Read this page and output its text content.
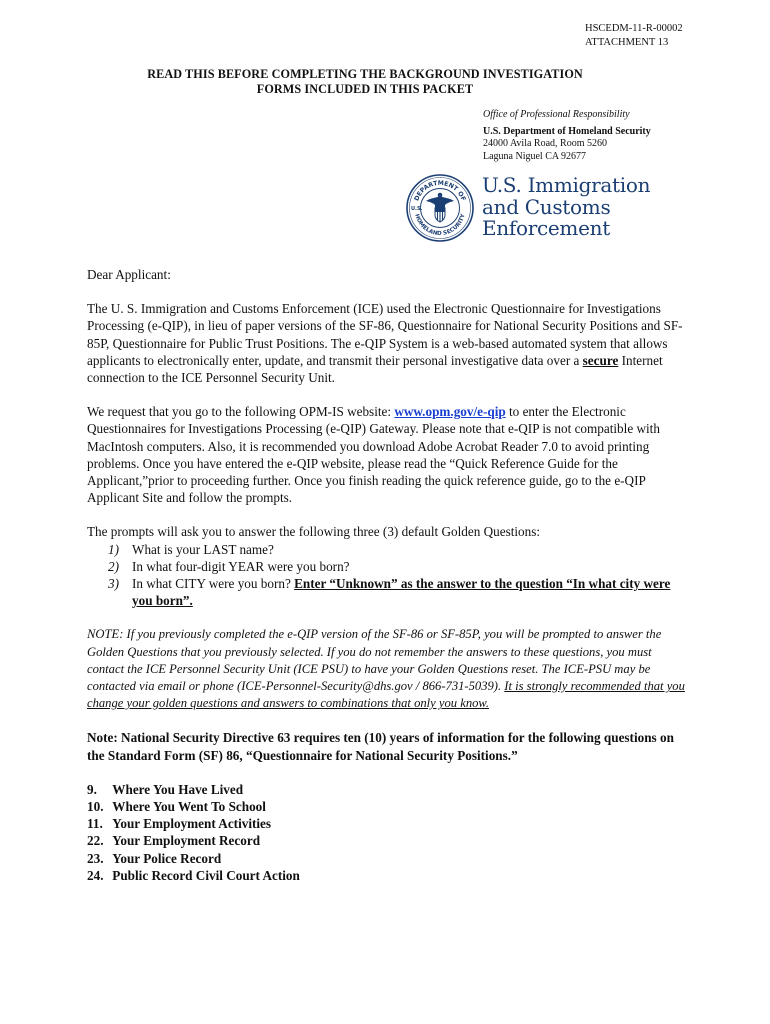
HSCEDM-11-R-00002
ATTACHMENT 13
READ THIS BEFORE COMPLETING THE BACKGROUND INVESTIGATION
FORMS INCLUDED IN THIS PACKET
Office of Professional Responsibility
U.S. Department of Homeland Security
24000 Avila Road, Room 5260
Laguna Niguel CA 92677
DEPARTMENT OF
HOMELAND SECURITY
U.S.
U.S. Immigration
and Customs
Enforcement

Dear Applicant:

The U. S. Immigration and Customs Enforcement (ICE) used the Electronic Questionnaire for Investigations Processing (e-QIP), in lieu of paper versions of the SF-86, Questionnaire for National Security Positions and SF-85P, Questionnaire for Public Trust Positions. The e-QIP System is a web-based automated system that allows applicants to electronically enter, update, and transmit their personal investigative data over a secure Internet connection to the ICE Personnel Security Unit.

We request that you go to the following OPM-IS website: www.opm.gov/e-qip to enter the Electronic Questionnaires for Investigations Processing (e-QIP) Gateway. Please note that e-QIP is not compatible with MacIntosh computers. Also, it is recommended you download Adobe Acrobat Reader 7.0 to avoid printing problems. Once you have entered the e-QIP website, please read the “Quick Reference Guide for the Applicant,”prior to proceeding further. Once you finish reading the quick reference guide, go to the e-QIP Applicant Site and follow the prompts.

The prompts will ask you to answer the following three (3) default Golden Questions:

1) What is your LAST name?
2) In what four-digit YEAR were you born?
3) In what CITY were you born? Enter “Unknown” as the answer to the question “In what city were you born”.

NOTE: If you previously completed the e-QIP version of the SF-86 or SF-85P, you will be prompted to answer the Golden Questions that you previously selected. If you do not remember the answers to these questions, you must contact the ICE Personnel Security Unit (ICE PSU) to have your Golden Questions reset. The ICE-PSU may be contacted via email or phone (ICE-Personnel-Security@dhs.gov / 866-731-5039). It is strongly recommended that you change your golden questions and answers to combinations that only you know.

Note: National Security Directive 63 requires ten (10) years of information for the following questions on the Standard Form (SF) 86, “Questionnaire for National Security Positions.”

9.
	Where You Have Lived
10.
Where You Went To School
11.
Your Employment Activities
22.
Your Employment Record
23.
Your Police Record
24.
Public Record Civil Court Action
